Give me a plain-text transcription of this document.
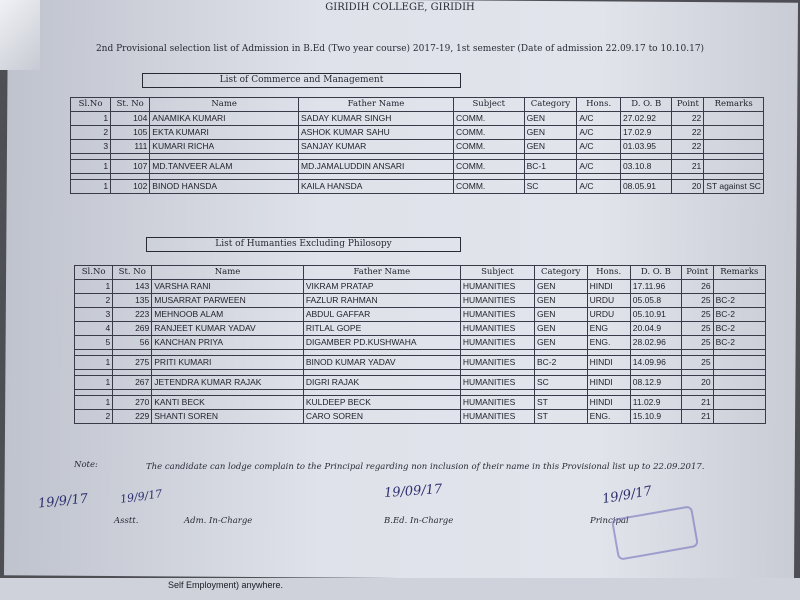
GIRIDIH COLLEGE, GIRIDIH
2nd Provisional selection list of Admission in B.Ed (Two year course) 2017-19, 1st semester (Date of admission 22.09.17 to 10.10.17)
List of Commerce and Management
Sl.No	St. No	Name	Father Name	Subject	Category	Hons.	D. O. B	Point	Remarks
1	104	ANAMIKA KUMARI	SADAY KUMAR SINGH	COMM.	GEN	A/C	27.02.92	22	
2	105	EKTA KUMARI	ASHOK KUMAR SAHU	COMM.	GEN	A/C	17.02.9	22	
3	111	KUMARI RICHA	SANJAY KUMAR	COMM.	GEN	A/C	01.03.95	22	

1	107	MD.TANVEER ALAM	MD.JAMALUDDIN ANSARI	COMM.	BC-1	A/C	03.10.8	21	

1	102	BINOD HANSDA	KAILA HANSDA	COMM.	SC	A/C	08.05.91	20	ST against SC
List of Humanties Excluding Philosopy
Sl.No	St. No	Name	Father Name	Subject	Category	Hons.	D. O. B	Point	Remarks
1	143	VARSHA RANI	VIKRAM PRATAP	HUMANITIES	GEN	HINDI	17.11.96	26	
2	135	MUSARRAT PARWEEN	FAZLUR RAHMAN	HUMANITIES	GEN	URDU	05.05.8	25	BC-2
3	223	MEHNOOB ALAM	ABDUL GAFFAR	HUMANITIES	GEN	URDU	05.10.91	25	BC-2
4	269	RANJEET KUMAR YADAV	RITLAL GOPE	HUMANITIES	GEN	ENG	20.04.9	25	BC-2
5	56	KANCHAN PRIYA	DIGAMBER PD.KUSHWAHA	HUMANITIES	GEN	ENG.	28.02.96	25	BC-2

1	275	PRITI KUMARI	BINOD KUMAR YADAV	HUMANITIES	BC-2	HINDI	14.09.96	25	

1	267	JETENDRA KUMAR RAJAK	DIGRI RAJAK	HUMANITIES	SC	HINDI	08.12.9	20	

1	270	KANTI BECK	KULDEEP BECK	HUMANITIES	ST	HINDI	11.02.9	21	
2	229	SHANTI SOREN	CARO SOREN	HUMANITIES	ST	ENG.	15.10.9	21	
Note:	The candidate can lodge complain to the Principal regarding non inclusion of their name in this Provisional list up to 22.09.2017.
19/9/17	19/9/17
Asstt.	Adm. In-Charge
19/09/17
B.Ed. In-Charge
19/9/17
Principal
Self Employment) anywhere.
